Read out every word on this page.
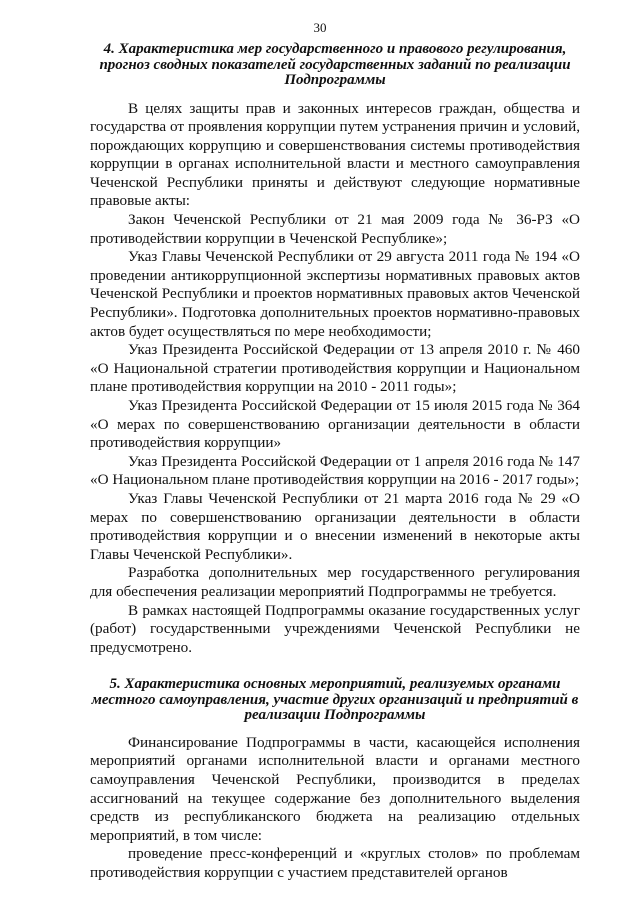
30

4. Характеристика мер государственного и правового регулирования, прогноз сводных показателей государственных заданий по реализации Подпрограммы

В целях защиты прав и законных интересов граждан, общества и государства от проявления коррупции путем устранения причин и условий, порождающих коррупцию и совершенствования системы противодействия коррупции в органах исполнительной власти и местного самоуправления Чеченской Республики приняты и действуют следующие нормативные правовые акты:

Закон Чеченской Республики от 21 мая 2009 года № 36-РЗ «О противодействии коррупции в Чеченской Республике»;

Указ Главы Чеченской Республики от 29 августа 2011 года № 194 «О проведении антикоррупционной экспертизы нормативных правовых актов Чеченской Республики и проектов нормативных правовых актов Чеченской Республики». Подготовка дополнительных проектов нормативно-правовых актов будет осуществляться по мере необходимости;

Указ Президента Российской Федерации от 13 апреля 2010 г. № 460 «О Национальной стратегии противодействия коррупции и Национальном плане противодействия коррупции на 2010 - 2011 годы»;

Указ Президента Российской Федерации от 15 июля 2015 года № 364 «О мерах по совершенствованию организации деятельности в области противодействия коррупции»

Указ Президента Российской Федерации от 1 апреля 2016 года № 147 «О Национальном плане противодействия коррупции на 2016 - 2017 годы»;

Указ Главы Чеченской Республики от 21 марта 2016 года № 29 «О мерах по совершенствованию организации деятельности в области противодействия коррупции и о внесении изменений в некоторые акты Главы Чеченской Республики».

Разработка дополнительных мер государственного регулирования для обеспечения реализации мероприятий Подпрограммы не требуется.

В рамках настоящей Подпрограммы оказание государственных услуг (работ) государственными учреждениями Чеченской Республики не предусмотрено.

5. Характеристика основных мероприятий, реализуемых органами местного самоуправления, участие других организаций и предприятий в реализации Подпрограммы

Финансирование Подпрограммы в части, касающейся исполнения мероприятий органами исполнительной власти и органами местного самоуправления Чеченской Республики, производится в пределах ассигнований на текущее содержание без дополнительного выделения средств из республиканского бюджета на реализацию отдельных мероприятий, в том числе:

проведение пресс-конференций и «круглых столов» по проблемам противодействия коррупции с участием представителей органов
